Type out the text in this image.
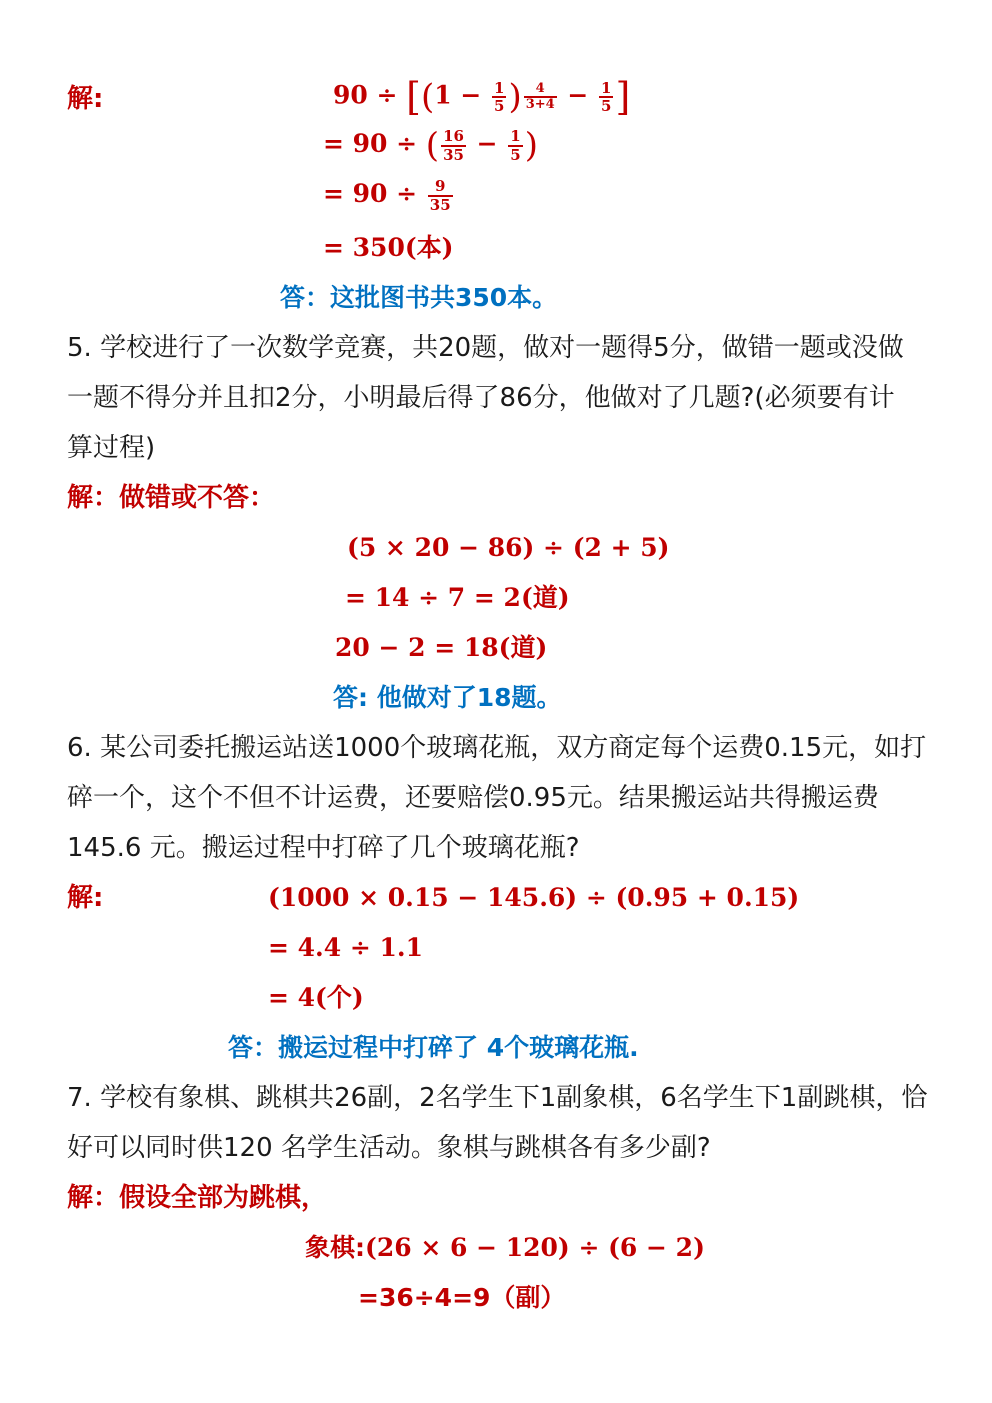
解:	$90 \div [(1 - \frac{1}{5}$ ) $\frac{4}{3+4} - \frac{1}{5}$ ]
= 90 ÷ ( $\frac{16}{35} - \frac{1}{5}$ )
= $90 \div \frac{9}{35}$
= 350(本)
答：这批图书共350本。
5. 学校进行了一次数学竞赛，共20题，做对一题得5分，做错一题或没做
一题不得分并且扣2分，小明最后得了86分，他做对了几题?(必须要有计
算过程)
解：做错或不答：
(5 × 20 − 86) ÷ (2 + 5)
= 14 ÷ 7 = 2(道)
20 − 2 = 18(道)
答: 他做对了18题。
6. 某公司委托搬运站送1000个玻璃花瓶，双方商定每个运费0.15元，如打
碎一个，这个不但不计运费，还要赔偿0.95元。结果搬运站共得搬运费
145.6 元。搬运过程中打碎了几个玻璃花瓶?
解:	(1000 × 0.15 − 145.6) ÷ (0.95 + 0.15)
= 4.4 ÷ 1.1
= 4(个)
答：搬运过程中打碎了 4个玻璃花瓶.
7. 学校有象棋、跳棋共26副，2名学生下1副象棋，6名学生下1副跳棋，恰
好可以同时供120 名学生活动。象棋与跳棋各有多少副?
解：假设全部为跳棋，
象棋:(26 × 6 − 120) ÷ (6 − 2)
=36÷4=9（副）
